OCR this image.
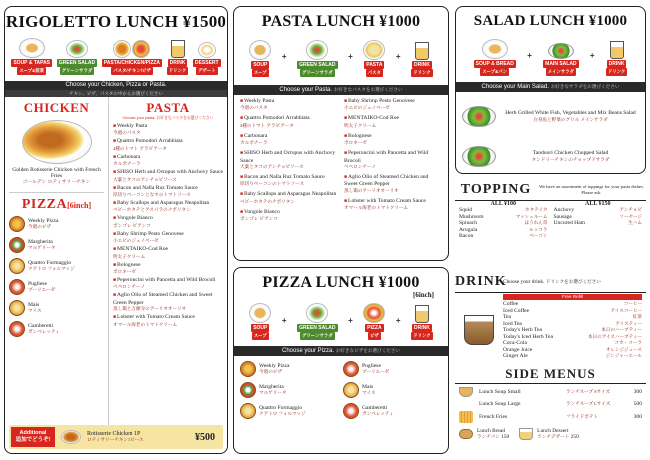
RIGOLETTO LUNCH ¥1500
SOUP & TAPAS
スープ&前菜
GREEN SALAD
グリーンサラダ
PASTA/CHICKEN/PIZZA
パスタ/チキン/ピザ
DRINK
ドリンク
DESSERT
デザート
Choose your Chicken, Pizza or Pasta.
チキン、ピザ、パスタの中からお選びください
CHICKEN
Golden Rotisserie Chicken with French Fries
ゴールデン ロティサリーチキン
PIZZA[6inch]
Weekly Pizza
今週のピザ
Margherita
マルゲリータ
Quattro Formaggio
クアトロ フォルマッジ
Pugliese
プーリエーゼ
Mais
マイス
Gamberetti
ガンベレッティ
PASTA
Choose your pasta. お好きなパスタをお選びください
■Weekly Pasta
今週のパスタ
■Quattro Pomodori Arrabbiata
4種のトマト アラビアータ
■Carbonara
カルボナーラ
■SHISO Herb and Octopus with Anchovy Sauce
大葉とタコのアンチョビソース
■Bacon and Nalla Ruz Tomato Sauce
厚切りベーコンとなすのトマトソース
■Baby Scallops and Asparagus Neapolitan
ベビーホタテとアスパラのナポリタン
■Vongole Bianco
ボンゴレ ビアンコ
■Baby Shrimp Pesto Genovese
小エビのジェノベーゼ
■MENTAIKO-Cod Roe
明太子クリーム
■Bolognese
ボロネーゼ
■Peperoncini with Pancetta and Wild Brocoli
ペペロンチーノ
■Aglio Olio of Steamed Chicken and Sweet Green Pepper
蒸し鶏と万願寺のアーリオオーリオ
■Lobster with Tomato Cream Sauce
オマール海老のトマトクリーム
Additional
追加でどうぞ!
Rotisserie Chicken 1P
ロティサリーチキン1ピース	¥500
PASTA LUNCH ¥1000
SOUP
スープ
+
GREEN SALAD
グリーンサラダ
+
PASTA
パスタ
+
DRINK
ドリンク
Choose your Pasta. お好きなパスタをお選びください
■Weekly Pasta
今週のパスタ
■Quattro Pomodori Arrabbiata
4種のトマト アラビアータ
■Carbonara
カルボナーラ
■SHISO Herb and Octopus with Anchovy Sauce
大葉とタコのアンチョビソース
■Bacon and Nalla Ruz Tomato Sauce
厚切りベーコンのトマトソース
■Baby Scallops and Asparagus Neapolitan
ベビーホタテのナポリタン
■Vongole Bianco
ボンゴレ ビアンコ
■Baby Shrimp Pesto Genovese
小エビのジェノベーゼ
■MENTAIKO-Cod Roe
明太子クリーム
■Bolognese
ボロネーゼ
■Peperoncini with Pancetta and Wild Brocoli
ペペロンチーノ
■Aglio Olio of Steamed Chicken and Sweet Green Pepper
蒸し鶏のアーリオオーリオ
■Lobster with Tomato Cream Sauce
オマール海老のトマトクリーム
PIZZA LUNCH ¥1000
[6inch]
SOUP
スープ
+
GREEN SALAD
グリーンサラダ
+
PIZZA
ピザ
+
DRINK
ドリンク
Choose your Pizza. お好きなピザをお選びください
Weekly Pizza
今週のピザ
Margherita
マルゲリータ
Quattro Formaggio
クアトロ フォルマッジ
Pugliese
プーリエーゼ
Mais
マイス
Gamberetti
ガンベレッティ
SALAD LUNCH ¥1000
SOUP & BREAD
スープ&パン
+
MAIN SALAD
メインサラダ
+
DRINK
ドリンク
Choose your Main Salad. お好きなサラダをお選びください
Herb Grilled White Fish, Vegetables and Mix Beans Salad
白身魚と野菜のグリル メインサラダ
Tandoori Chicken Chopped Salad
タンドリーチキンのチョップドサラダ
TOPPING	We have an assortment of toppings for your pasta dishes. Please ask.
ALL ¥100
Squid	ホタテイカ
Mushroom	マッシュルーム
Spinach	ほうれん草
Arugula	ルッコラ
Bacon	ベーコン
ALL ¥150
Anchovy	アンチョビ
Sausage	ソーセージ
Uncured Ham	生ハム
DRINK
Choose your drink. ドリンクをお選びください
Free Refill
Coffee	コーヒー
Iced Coffee	アイスコーヒー
Tea	紅茶
Iced Tea	アイスティー
Today's Herb Tea	本日のハーブティー
Today's Iced Herb Tea	本日のアイスハーブティー
Coca-Cola	コカ・コーラ
Orange Juice	オレンジジュース
Ginger Ale	ジンジャーエール
SIDE MENUS
Lunch Soup Small	ランチスープ Sサイズ	300
Lunch Soup Large	ランチスープ Lサイズ	500
French Fries	フライドポテト	300
Lunch Bread
ランチパン 150
Lunch Dessert
ランチデザート 250
